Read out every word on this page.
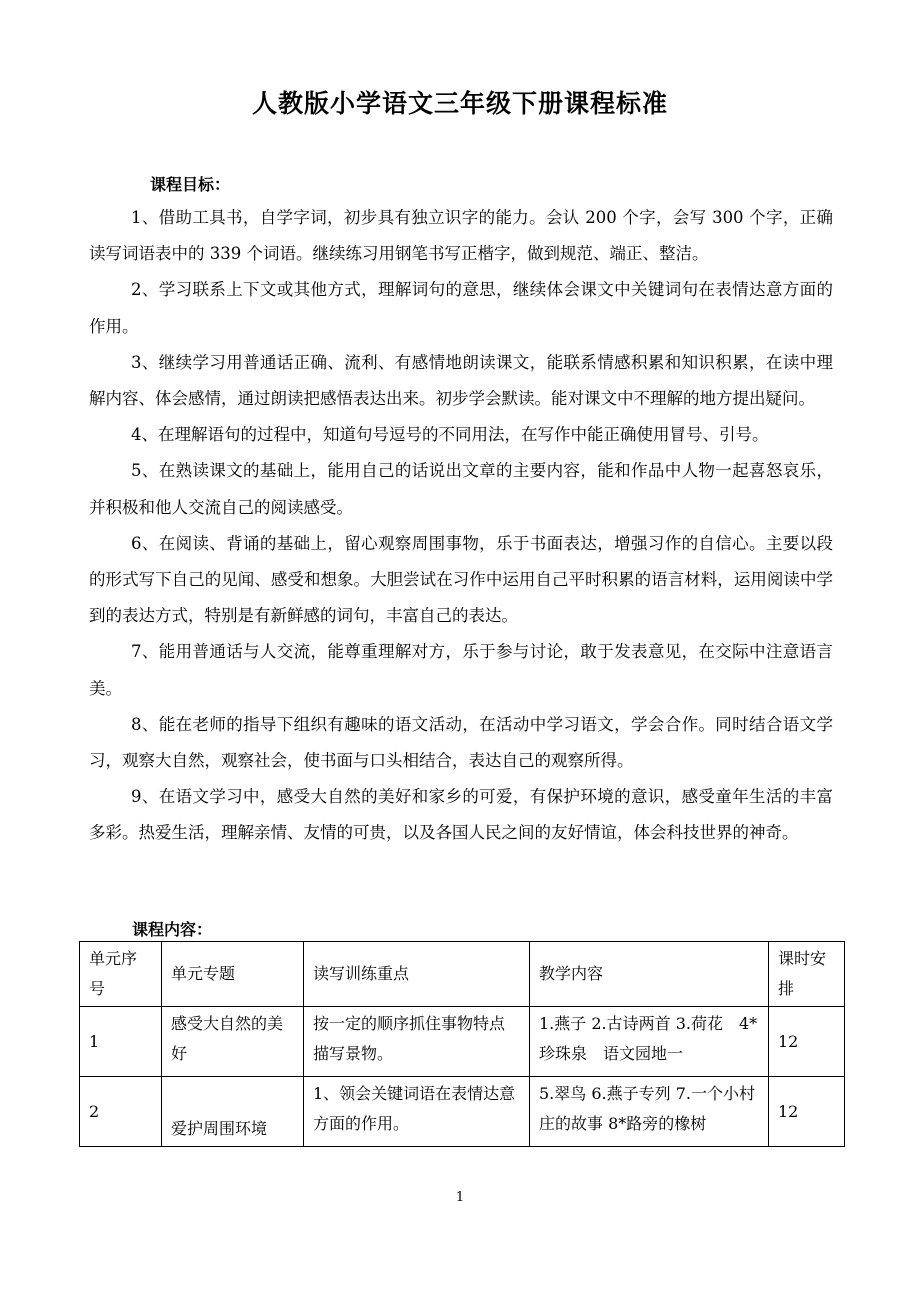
人教版小学语文三年级下册课程标准

课程目标：

1、借助工具书，自学字词，初步具有独立识字的能力。会认 200 个字，会写 300 个字，正确读写词语表中的 339 个词语。继续练习用钢笔书写正楷字，做到规范、端正、整洁。

2、学习联系上下文或其他方式，理解词句的意思，继续体会课文中关键词句在表情达意方面的作用。

3、继续学习用普通话正确、流利、有感情地朗读课文，能联系情感积累和知识积累，在读中理解内容、体会感情，通过朗读把感悟表达出来。初步学会默读。能对课文中不理解的地方提出疑问。

4、在理解语句的过程中，知道句号逗号的不同用法，在写作中能正确使用冒号、引号。

5、在熟读课文的基础上，能用自己的话说出文章的主要内容，能和作品中人物一起喜怒哀乐，并积极和他人交流自己的阅读感受。

6、在阅读、背诵的基础上，留心观察周围事物，乐于书面表达，增强习作的自信心。主要以段的形式写下自己的见闻、感受和想象。大胆尝试在习作中运用自己平时积累的语言材料，运用阅读中学到的表达方式，特别是有新鲜感的词句，丰富自己的表达。

7、能用普通话与人交流，能尊重理解对方，乐于参与讨论，敢于发表意见，在交际中注意语言美。

8、能在老师的指导下组织有趣味的语文活动，在活动中学习语文，学会合作。同时结合语文学习，观察大自然，观察社会，使书面与口头相结合，表达自己的观察所得。

9、在语文学习中，感受大自然的美好和家乡的可爱，有保护环境的意识，感受童年生活的丰富多彩。热爱生活，理解亲情、友情的可贵，以及各国人民之间的友好情谊，体会科技世界的神奇。

课程内容：

单元序号	单元专题	读写训练重点	教学内容	课时安排
1	感受大自然的美好	按一定的顺序抓住事物特点描写景物。	1.燕子 2.古诗两首 3.荷花　4*珍珠泉　语文园地一	12
2	爱护周围环境	1、领会关键词语在表情达意方面的作用。	5.翠鸟 6.燕子专列 7.一个小村庄的故事 8*路旁的橡树	12

1
